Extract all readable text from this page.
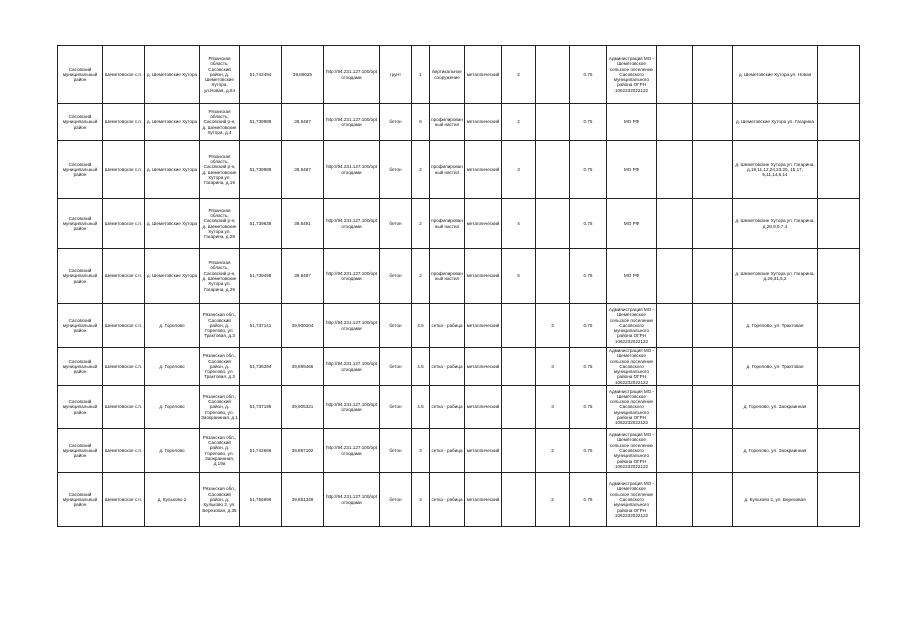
Сасовский муниципальный район	Шеметовское с.п.	д. Шеметовские Хутора	Рязанская область, Сасовский район, д. Шеметовские Хутора, ул.Новая, д.54	51,742494	39,89025	http://94.231.127.100/opt отходами	грунт	1	вертикальное сооружение	металлический	2		0.75	Администрация МО - Шеметовское сельское поселение Сасовского муниципального района ОГРН 1062232022122			д. Шеметовские Хутора ул. Новая	
Сасовский муниципальный район	Шеметовское с.п.	д. Шеметовские Хутора	Рязанская область, Сасовский р-н, д. Шеметовские Хутора, д.4	51,739989	39,8487	http://94.231.127.100/opt отходами	бетон	6	профилированный настил	металлический	2		0.75	МО РФ			д. Шеметовские Хутора ул. Гагарина	
Сасовский муниципальный район	Шеметовское с.п.	д. Шеметовские Хутора	Рязанская область, Сасовский р-н, д. Шеметовские Хутора ул. Гагарина, д.19	51,739989	39,8487	http://94.231.127.100/opt отходами	бетон	2	профилированный настил	металлический	3		0.75	МО РФ			д. Шеметовские Хутора ул. Гагарина, д.19,11,12,24,23,25, 15,17, 5,11,14,6,14	
Сасовский муниципальный район	Шеметовское с.п.	д. Шеметовские Хутора	Рязанская область, Сасовский р-н, д. Шеметовские Хутора ул. Гагарина, д.28	51,739638	39,8491	http://94.231.127.100/opt отходами	бетон	2	профилированный настил	металлический	4		0.75	МО РФ			д. Шеметовские Хутора ул. Гагарина, д.28,9,6,7,4	
Сасовский муниципальный район	Шеметовское с.п.	д. Шеметовские Хутора	Рязанская область, Сасовский р-н, д. Шеметовские Хутора ул. Гагарина, д.29	51,739498	39,8487	http://94.231.127.100/opt отходами	бетон	2	профилированный настил	металлический	5		0.75	МО РФ			д. Шеметовские Хутора ул. Гагарина, д.29,31,5,2	
Сасовский муниципальный район	Шеметовское с.п.	д. Горелово	Рязанская обл., Сасовский район, д. Горелово, ул. Трактовая, д.3	51,737141	39,900204	http://94.231.127.100/opt отходами	бетон	4.5	сетка - рабица	металлический		3	0.75	Администрация МО - Шеметовское сельское поселение Сасовского муниципального района ОГРН 1062232022122			д. Горелово, ул. Трактовая	
Сасовский муниципальный район	Шеметовское с.п.	д. Горелово	Рязанская обл., Сасовский район, д. Горелово, ул. Трактовая, д.3	51,736394	39,899466	http://94.231.127.100/opt отходами	бетон	4.5	сетка - рабица	металлический		3	0.75	Администрация МО - Шеметовское сельское поселение Сасовского муниципального района ОГРН 1062232022122			д. Горелово, ул. Трактовая	
Сасовский муниципальный район	Шеметовское с.п.	д. Горелово	Рязанская обл., Сасовский район, д. Горелово, ул. Заокраинная, д.1	51,737195	39,905321	http://94.231.127.100/opt отходами	бетон	4.5	сетка - рабица	металлический		3	0.75	Администрация МО - Шеметовское сельское поселение Сасовского муниципального района ОГРН 1062232022122			д. Горелово, ул. Заокраинная	
Сасовский муниципальный район	Шеметовское с.п.	д. Горелово	Рязанская обл., Сасовский район, д. Горелово, ул. Заокраинная, д.19а	51,742666	39,897102	http://94.231.127.100/opt отходами	бетон	3	сетка - рабица	металлический		2	0.75	Администрация МО - Шеметовское сельское поселение Сасовского муниципального района ОГРН 1062232022122			д. Горелово, ул. Заокраинная	
Сасовский муниципальный район	Шеметовское с.п.	д. Кульково 2	Рязанская обл., Сасовский район, д. Кульково 2, ул. Березовая, д.35	51,756696	39,851349	http://94.231.127.100/opt отходами	бетон	3	сетка - рабица	металлический		2	0.75	Администрация МО - Шеметовское сельское поселение Сасовского муниципального района ОГРН 1062232022122			д. Кульково 2, ул. Березовая	
